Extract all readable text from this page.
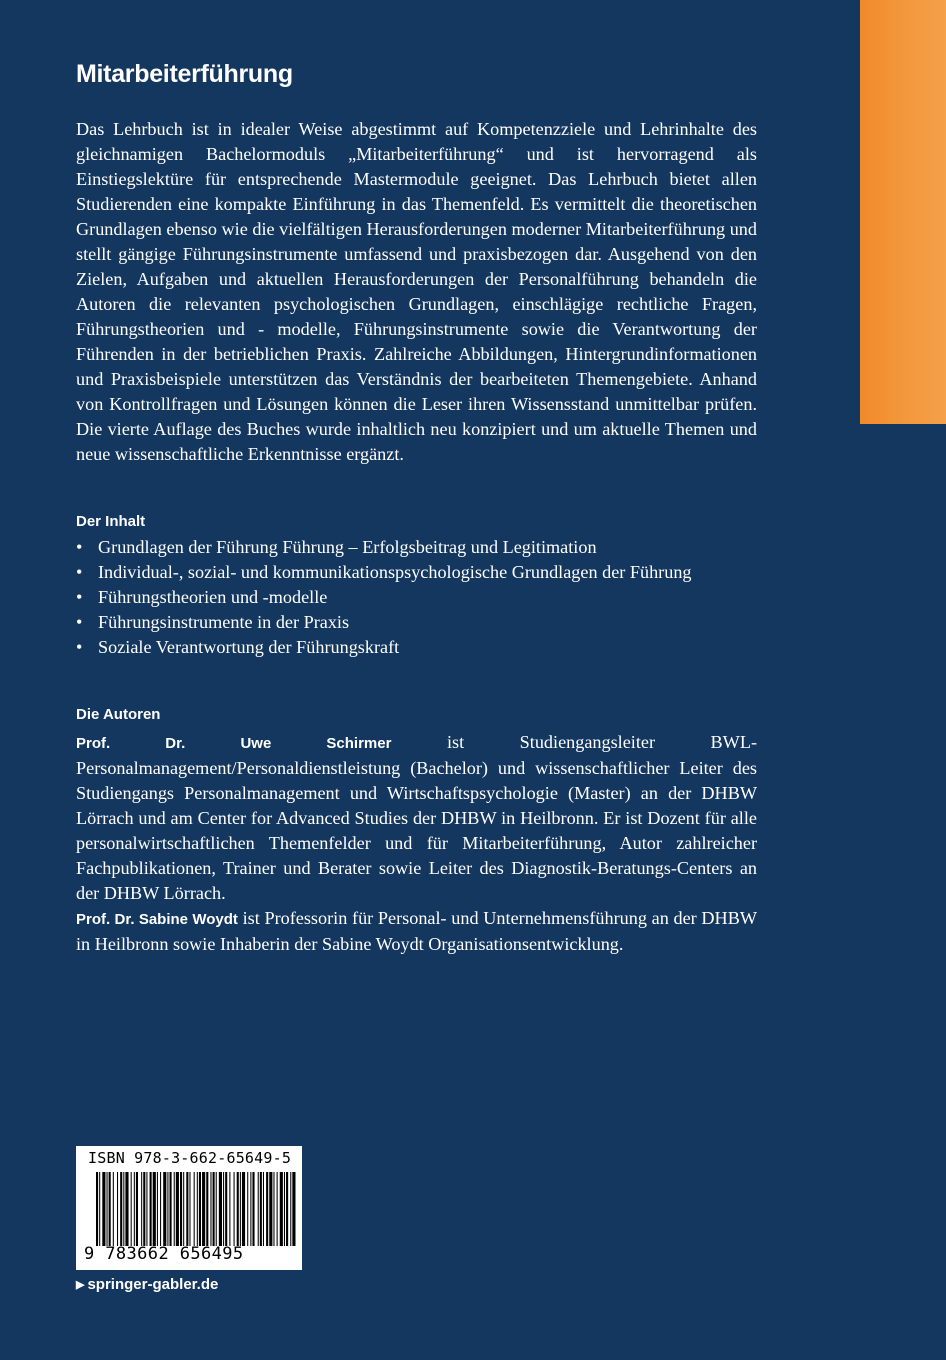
Mitarbeiterführung
Das Lehrbuch ist in idealer Weise abgestimmt auf Kompetenzziele und Lehrinhalte des gleichnamigen Bachelormoduls „Mitarbeiterführung“ und ist hervorragend als Einstiegslektüre für entsprechende Mastermodule geeignet. Das Lehrbuch bietet allen Studierenden eine kompakte Einführung in das Themenfeld. Es vermittelt die theoretischen Grundlagen ebenso wie die vielfältigen Herausforderungen moderner Mitarbeiterführung und stellt gängige Führungsinstrumente umfassend und praxisbezogen dar. Ausgehend von den Zielen, Aufgaben und aktuellen Herausforderungen der Personalführung behandeln die Autoren die relevanten psychologischen Grundlagen, einschlägige rechtliche Fragen, Führungstheorien und - modelle, Führungsinstrumente sowie die Verantwortung der Führenden in der betrieblichen Praxis. Zahlreiche Abbildungen, Hintergrundinformationen und Praxisbeispiele unterstützen das Verständnis der bearbeiteten Themengebiete. Anhand von Kontrollfragen und Lösungen können die Leser ihren Wissensstand unmittelbar prüfen. Die vierte Auflage des Buches wurde inhaltlich neu konzipiert und um aktuelle Themen und neue wissenschaftliche Erkenntnisse ergänzt.
Der Inhalt
• Grundlagen der Führung Führung – Erfolgsbeitrag und Legitimation
• Individual-, sozial- und kommunikationspsychologische Grundlagen der Führung
• Führungstheorien und -modelle
• Führungsinstrumente in der Praxis
• Soziale Verantwortung der Führungskraft
Die Autoren
Prof. Dr. Uwe Schirmer ist Studiengangsleiter BWL-Personalmanagement/Personaldienstleistung (Bachelor) und wissenschaftlicher Leiter des Studiengangs Personalmanagement und Wirtschaftspsychologie (Master) an der DHBW Lörrach und am Center for Advanced Studies der DHBW in Heilbronn. Er ist Dozent für alle personalwirtschaftlichen Themenfelder und für Mitarbeiterführung, Autor zahlreicher Fachpublikationen, Trainer und Berater sowie Leiter des Diagnostik-Beratungs-Centers an der DHBW Lörrach.
Prof. Dr. Sabine Woydt ist Professorin für Personal- und Unternehmensführung an der DHBW in Heilbronn sowie Inhaberin der Sabine Woydt Organisationsentwicklung.
ISBN 978-3-662-65649-5
9 783662 656495
▶ springer-gabler.de
